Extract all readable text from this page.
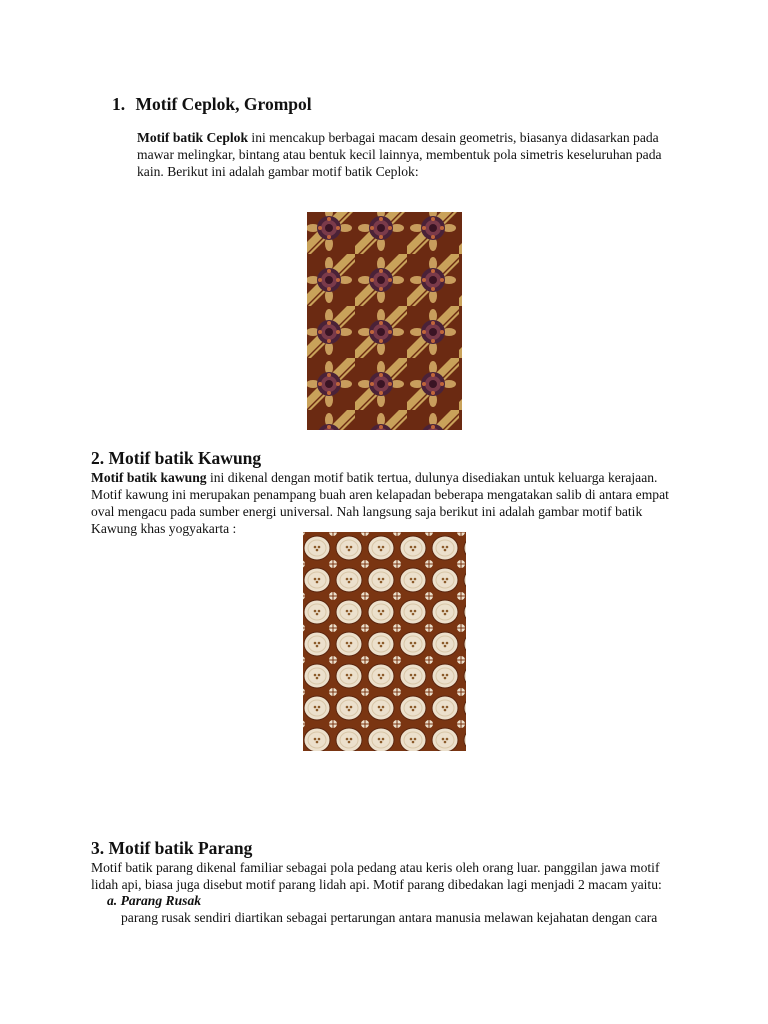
1. Motif Ceplok, Grompol
Motif batik Ceplok ini mencakup berbagai macam desain geometris, biasanya didasarkan pada
mawar melingkar, bintang atau bentuk kecil lainnya, membentuk pola simetris keseluruhan pada
kain. Berikut ini adalah gambar motif batik Ceplok:
2. Motif batik Kawung
Motif batik kawung ini dikenal dengan motif batik tertua, dulunya disediakan untuk keluarga kerajaan.
Motif kawung ini merupakan penampang buah aren kelapadan beberapa mengatakan salib di antara empat
oval mengacu pada sumber energi universal. Nah langsung saja berikut ini adalah gambar motif batik
Kawung khas yogyakarta :
3. Motif batik Parang
Motif batik parang dikenal familiar sebagai pola pedang atau keris oleh orang luar. panggilan jawa motif
lidah api, biasa juga disebut motif parang lidah api. Motif parang dibedakan lagi menjadi 2 macam yaitu:
a. Parang Rusak
parang rusak sendiri diartikan sebagai pertarungan antara manusia melawan kejahatan dengan cara
